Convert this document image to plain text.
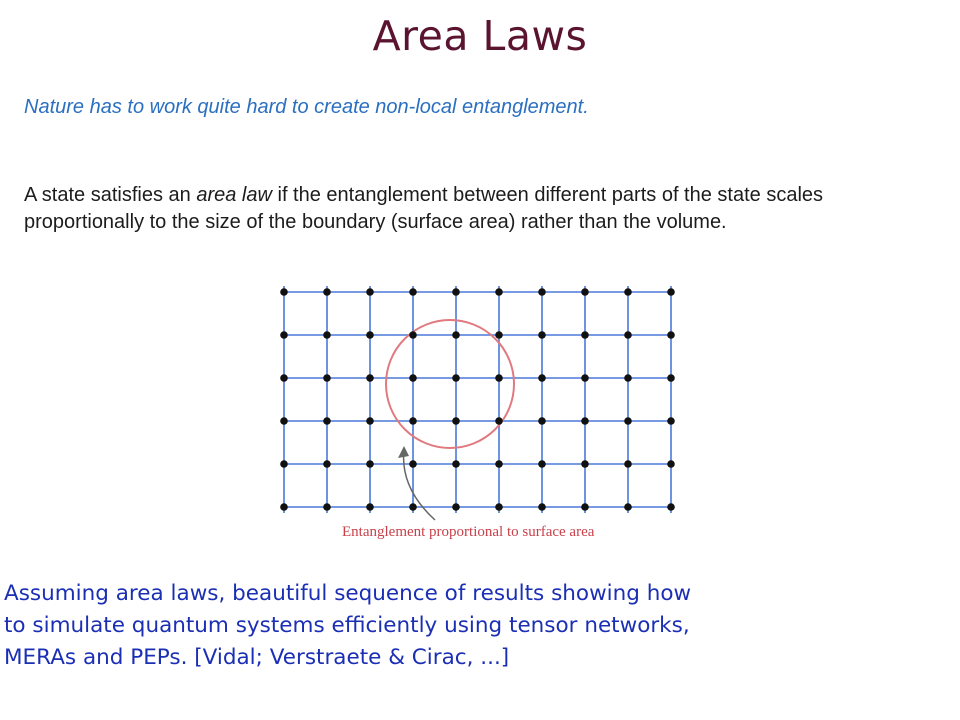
Area Laws
Nature has to work quite hard to create non-local entanglement.
A state satisfies an area law if the entanglement between different parts of the state scales proportionally to the size of the boundary (surface area) rather than the volume.
Entanglement proportional to surface area
Assuming area laws, beautiful sequence of results showing how
to simulate quantum systems efficiently using tensor networks,
MERAs and PEPs. [Vidal; Verstraete & Cirac, ...]
